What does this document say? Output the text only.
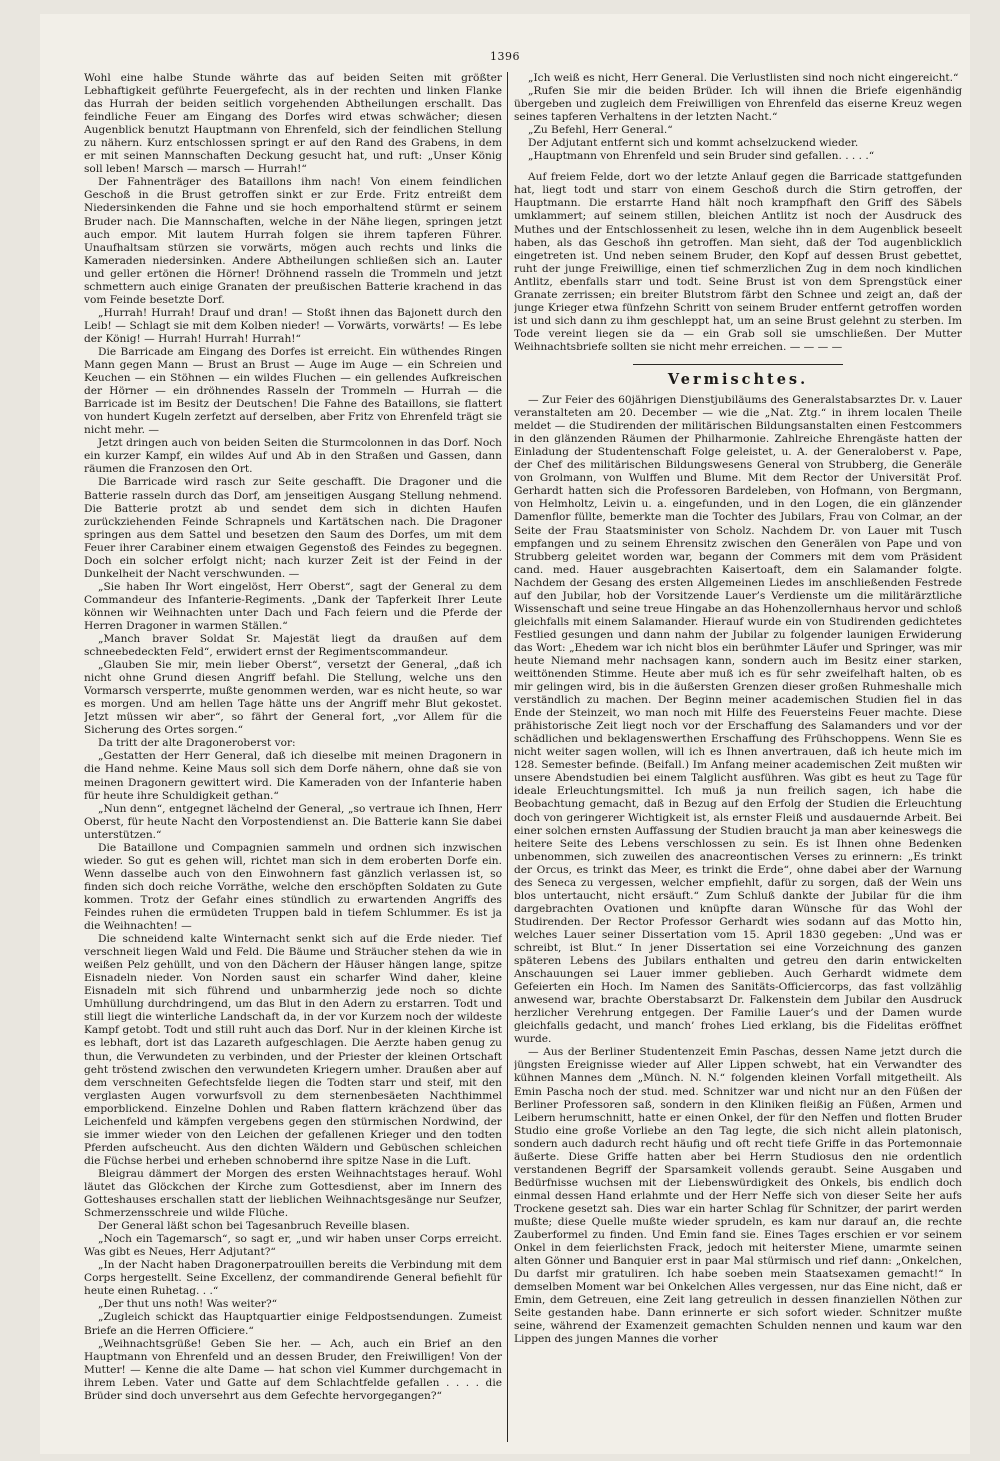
1396

Wohl eine halbe Stunde währte das auf beiden Seiten mit größter Lebhaftigkeit geführte Feuergefecht, als in der rechten und linken Flanke das Hurrah der beiden seitlich vorgehenden Abtheilungen erschallt. Das feindliche Feuer am Eingang des Dorfes wird etwas schwächer; diesen Augenblick benutzt Hauptmann von Ehrenfeld, sich der feindlichen Stellung zu nähern. Kurz entschlossen springt er auf den Rand des Grabens, in dem er mit seinen Mannschaften Deckung gesucht hat, und ruft: „Unser König soll leben! Marsch — marsch — Hurrah!“

Der Fahnenträger des Bataillons ihm nach! Von einem feindlichen Geschoß in die Brust getroffen sinkt er zur Erde. Fritz entreißt dem Niedersinkenden die Fahne und sie hoch emporhaltend stürmt er seinem Bruder nach. Die Mannschaften, welche in der Nähe liegen, springen jetzt auch empor. Mit lautem Hurrah folgen sie ihrem tapferen Führer. Unaufhaltsam stürzen sie vorwärts, mögen auch rechts und links die Kameraden niedersinken. Andere Abtheilungen schließen sich an. Lauter und geller ertönen die Hörner! Dröhnend rasseln die Trommeln und jetzt schmettern auch einige Granaten der preußischen Batterie krachend in das vom Feinde besetzte Dorf.

„Hurrah! Hurrah! Drauf und dran! — Stoßt ihnen das Bajonett durch den Leib! — Schlagt sie mit dem Kolben nieder! — Vorwärts, vorwärts! — Es lebe der König! — Hurrah! Hurrah! Hurrah!“

Die Barricade am Eingang des Dorfes ist erreicht. Ein wüthendes Ringen Mann gegen Mann — Brust an Brust — Auge im Auge — ein Schreien und Keuchen — ein Stöhnen — ein wildes Fluchen — ein gellendes Aufkreischen der Hörner — ein dröhnendes Rasseln der Trommeln — Hurrah — die Barricade ist im Besitz der Deutschen! Die Fahne des Bataillons, sie flattert von hundert Kugeln zerfetzt auf derselben, aber Fritz von Ehrenfeld trägt sie nicht mehr. —

Jetzt dringen auch von beiden Seiten die Sturmcolonnen in das Dorf. Noch ein kurzer Kampf, ein wildes Auf und Ab in den Straßen und Gassen, dann räumen die Franzosen den Ort.

Die Barricade wird rasch zur Seite geschafft. Die Dragoner und die Batterie rasseln durch das Dorf, am jenseitigen Ausgang Stellung nehmend. Die Batterie protzt ab und sendet dem sich in dichten Haufen zurückziehenden Feinde Schrapnels und Kartätschen nach. Die Dragoner springen aus dem Sattel und besetzen den Saum des Dorfes, um mit dem Feuer ihrer Carabiner einem etwaigen Gegenstoß des Feindes zu begegnen. Doch ein solcher erfolgt nicht; nach kurzer Zeit ist der Feind in der Dunkelheit der Nacht verschwunden. —

„Sie haben Ihr Wort eingelöst, Herr Oberst“, sagt der General zu dem Commandeur des Infanterie-Regiments. „Dank der Tapferkeit Ihrer Leute können wir Weihnachten unter Dach und Fach feiern und die Pferde der Herren Dragoner in warmen Ställen.“

„Manch braver Soldat Sr. Majestät liegt da draußen auf dem schneebedeckten Feld“, erwidert ernst der Regimentscommandeur.

„Glauben Sie mir, mein lieber Oberst“, versetzt der General, „daß ich nicht ohne Grund diesen Angriff befahl. Die Stellung, welche uns den Vormarsch versperrte, mußte genommen werden, war es nicht heute, so war es morgen. Und am hellen Tage hätte uns der Angriff mehr Blut gekostet. Jetzt müssen wir aber“, so fährt der General fort, „vor Allem für die Sicherung des Ortes sorgen.“

Da tritt der alte Dragoneroberst vor:

„Gestatten der Herr General, daß ich dieselbe mit meinen Dragonern in die Hand nehme. Keine Maus soll sich dem Dorfe nähern, ohne daß sie von meinen Dragonern gewittert wird. Die Kameraden von der Infanterie haben für heute ihre Schuldigkeit gethan.“

„Nun denn“, entgegnet lächelnd der General, „so vertraue ich Ihnen, Herr Oberst, für heute Nacht den Vorpostendienst an. Die Batterie kann Sie dabei unterstützen.“

Die Bataillone und Compagnien sammeln und ordnen sich inzwischen wieder. So gut es gehen will, richtet man sich in dem eroberten Dorfe ein. Wenn dasselbe auch von den Einwohnern fast gänzlich verlassen ist, so finden sich doch reiche Vorräthe, welche den erschöpften Soldaten zu Gute kommen. Trotz der Gefahr eines stündlich zu erwartenden Angriffs des Feindes ruhen die ermüdeten Truppen bald in tiefem Schlummer. Es ist ja die Weihnachten! —

Die schneidend kalte Winternacht senkt sich auf die Erde nieder. Tief verschneit liegen Wald und Feld. Die Bäume und Sträucher stehen da wie in weißen Pelz gehüllt, und von den Dächern der Häuser hängen lange, spitze Eisnadeln nieder. Von Norden saust ein scharfer Wind daher, kleine Eisnadeln mit sich führend und unbarmherzig jede noch so dichte Umhüllung durchdringend, um das Blut in den Adern zu erstarren. Todt und still liegt die winterliche Landschaft da, in der vor Kurzem noch der wildeste Kampf getobt. Todt und still ruht auch das Dorf. Nur in der kleinen Kirche ist es lebhaft, dort ist das Lazareth aufgeschlagen. Die Aerzte haben genug zu thun, die Verwundeten zu verbinden, und der Priester der kleinen Ortschaft geht tröstend zwischen den verwundeten Kriegern umher. Draußen aber auf dem verschneiten Gefechtsfelde liegen die Todten starr und steif, mit den verglasten Augen vorwurfsvoll zu dem sternenbesäeten Nachthimmel emporblickend. Einzelne Dohlen und Raben flattern krächzend über das Leichenfeld und kämpfen vergebens gegen den stürmischen Nordwind, der sie immer wieder von den Leichen der gefallenen Krieger und den todten Pferden aufscheucht. Aus den dichten Wäldern und Gebüschen schleichen die Füchse herbei und erheben schnobernd ihre spitze Nase in die Luft.

Bleigrau dämmert der Morgen des ersten Weihnachtstages herauf. Wohl läutet das Glöckchen der Kirche zum Gottesdienst, aber im Innern des Gotteshauses erschallen statt der lieblichen Weihnachtsgesänge nur Seufzer, Schmerzensschreie und wilde Flüche.

Der General läßt schon bei Tagesanbruch Reveille blasen.

„Noch ein Tagemarsch“, so sagt er, „und wir haben unser Corps erreicht. Was gibt es Neues, Herr Adjutant?“

„In der Nacht haben Dragonerpatrouillen bereits die Verbindung mit dem Corps hergestellt. Seine Excellenz, der commandirende General befiehlt für heute einen Ruhetag. . .“

„Der thut uns noth! Was weiter?“

„Zugleich schickt das Hauptquartier einige Feldpostsendungen. Zumeist Briefe an die Herren Officiere.“

„Weihnachtsgrüße! Geben Sie her. — Ach, auch ein Brief an den Hauptmann von Ehrenfeld und an dessen Bruder, den Freiwilligen! Von der Mutter! — Kenne die alte Dame — hat schon viel Kummer durchgemacht in ihrem Leben. Vater und Gatte auf dem Schlachtfelde gefallen . . . . die Brüder sind doch unversehrt aus dem Gefechte hervorgegangen?“

„Ich weiß es nicht, Herr General. Die Verlustlisten sind noch nicht eingereicht.“

„Rufen Sie mir die beiden Brüder. Ich will ihnen die Briefe eigenhändig übergeben und zugleich dem Freiwilligen von Ehrenfeld das eiserne Kreuz wegen seines tapferen Verhaltens in der letzten Nacht.“

„Zu Befehl, Herr General.“

Der Adjutant entfernt sich und kommt achselzuckend wieder.

„Hauptmann von Ehrenfeld und sein Bruder sind gefallen. . . . .“

Auf freiem Felde, dort wo der letzte Anlauf gegen die Barricade stattgefunden hat, liegt todt und starr von einem Geschoß durch die Stirn getroffen, der Hauptmann. Die erstarrte Hand hält noch krampfhaft den Griff des Säbels umklammert; auf seinem stillen, bleichen Antlitz ist noch der Ausdruck des Muthes und der Entschlossenheit zu lesen, welche ihn in dem Augenblick beseelt haben, als das Geschoß ihn getroffen. Man sieht, daß der Tod augenblicklich eingetreten ist. Und neben seinem Bruder, den Kopf auf dessen Brust gebettet, ruht der junge Freiwillige, einen tief schmerzlichen Zug in dem noch kindlichen Antlitz, ebenfalls starr und todt. Seine Brust ist von dem Sprengstück einer Granate zerrissen; ein breiter Blutstrom färbt den Schnee und zeigt an, daß der junge Krieger etwa fünfzehn Schritt von seinem Bruder entfernt getroffen worden ist und sich dann zu ihm geschleppt hat, um an seine Brust gelehnt zu sterben. Im Tode vereint liegen sie da — ein Grab soll sie umschließen. Der Mutter Weihnachtsbriefe sollten sie nicht mehr erreichen. — — — —

Vermischtes.

— Zur Feier des 60jährigen Dienstjubiläums des Generalstabsarztes Dr. v. Lauer veranstalteten am 20. December — wie die „Nat. Ztg.“ in ihrem localen Theile meldet — die Studirenden der militärischen Bildungsanstalten einen Festcommers in den glänzenden Räumen der Philharmonie. Zahlreiche Ehrengäste hatten der Einladung der Studentenschaft Folge geleistet, u. A. der Generaloberst v. Pape, der Chef des militärischen Bildungswesens General von Strubberg, die Generäle von Grolmann, von Wulffen und Blume. Mit dem Rector der Universität Prof. Gerhardt hatten sich die Professoren Bardeleben, von Hofmann, von Bergmann, von Helmholtz, Leivin u. a. eingefunden, und in den Logen, die ein glänzender Damenflor füllte, bemerkte man die Tochter des Jubilars, Frau von Colmar, an der Seite der Frau Staatsminister von Scholz. Nachdem Dr. von Lauer mit Tusch empfangen und zu seinem Ehrensitz zwischen den Generälen von Pape und von Strubberg geleitet worden war, begann der Commers mit dem vom Präsident cand. med. Hauer ausgebrachten Kaisertoaft, dem ein Salamander folgte. Nachdem der Gesang des ersten Allgemeinen Liedes im anschließenden Festrede auf den Jubilar, hob der Vorsitzende Lauer’s Verdienste um die militärärztliche Wissenschaft und seine treue Hingabe an das Hohenzollernhaus hervor und schloß gleichfalls mit einem Salamander. Hierauf wurde ein von Studirenden gedichtetes Festlied gesungen und dann nahm der Jubilar zu folgender launigen Erwiderung das Wort: „Ehedem war ich nicht blos ein berühmter Läufer und Springer, was mir heute Niemand mehr nachsagen kann, sondern auch im Besitz einer starken, weittönenden Stimme. Heute aber muß ich es für sehr zweifelhaft halten, ob es mir gelingen wird, bis in die äußersten Grenzen dieser großen Ruhmeshalle mich verständlich zu machen. Der Beginn meiner academischen Studien fiel in das Ende der Steinzeit, wo man noch mit Hilfe des Feuersteins Feuer machte. Diese prähistorische Zeit liegt noch vor der Erschaffung des Salamanders und vor der schädlichen und beklagenswerthen Erschaffung des Frühschoppens. Wenn Sie es nicht weiter sagen wollen, will ich es Ihnen anvertrauen, daß ich heute mich im 128. Semester befinde. (Beifall.) Im Anfang meiner academischen Zeit mußten wir unsere Abendstudien bei einem Talglicht ausführen. Was gibt es heut zu Tage für ideale Erleuchtungsmittel. Ich muß ja nun freilich sagen, ich habe die Beobachtung gemacht, daß in Bezug auf den Erfolg der Studien die Erleuchtung doch von geringerer Wichtigkeit ist, als ernster Fleiß und ausdauernde Arbeit. Bei einer solchen ernsten Auffassung der Studien braucht ja man aber keineswegs die heitere Seite des Lebens verschlossen zu sein. Es ist Ihnen ohne Bedenken unbenommen, sich zuweilen des anacreontischen Verses zu erinnern: „Es trinkt der Orcus, es trinkt das Meer, es trinkt die Erde“, ohne dabei aber der Warnung des Seneca zu vergessen, welcher empfiehlt, dafür zu sorgen, daß der Wein uns blos untertaucht, nicht ersäuft.“ Zum Schluß dankte der Jubilar für die ihm dargebrachten Ovationen und knüpfte daran Wünsche für das Wohl der Studirenden. Der Rector Professor Gerhardt wies sodann auf das Motto hin, welches Lauer seiner Dissertation vom 15. April 1830 gegeben: „Und was er schreibt, ist Blut.“ In jener Dissertation sei eine Vorzeichnung des ganzen späteren Lebens des Jubilars enthalten und getreu den darin entwickelten Anschauungen sei Lauer immer geblieben. Auch Gerhardt widmete dem Gefeierten ein Hoch. Im Namen des Sanitäts-Officiercorps, das fast vollzählig anwesend war, brachte Oberstabsarzt Dr. Falkenstein dem Jubilar den Ausdruck herzlicher Verehrung entgegen. Der Familie Lauer’s und der Damen wurde gleichfalls gedacht, und manch’ frohes Lied erklang, bis die Fidelitas eröffnet wurde.

— Aus der Berliner Studentenzeit Emin Paschas, dessen Name jetzt durch die jüngsten Ereignisse wieder auf Aller Lippen schwebt, hat ein Verwandter des kühnen Mannes dem „Münch. N. N.“ folgenden kleinen Vorfall mitgetheilt. Als Emin Pascha noch der stud. med. Schnitzer war und nicht nur an den Füßen der Berliner Professoren saß, sondern in den Kliniken fleißig an Füßen, Armen und Leibern herumschnitt, hatte er einen Onkel, der für den Neffen und flotten Bruder Studio eine große Vorliebe an den Tag legte, die sich nicht allein platonisch, sondern auch dadurch recht häufig und oft recht tiefe Griffe in das Portemonnaie äußerte. Diese Griffe hatten aber bei Herrn Studiosus den nie ordentlich verstandenen Begriff der Sparsamkeit vollends geraubt. Seine Ausgaben und Bedürfnisse wuchsen mit der Liebenswürdigkeit des Onkels, bis endlich doch einmal dessen Hand erlahmte und der Herr Neffe sich von dieser Seite her aufs Trockene gesetzt sah. Dies war ein harter Schlag für Schnitzer, der parirt werden mußte; diese Quelle mußte wieder sprudeln, es kam nur darauf an, die rechte Zauberformel zu finden. Und Emin fand sie. Eines Tages erschien er vor seinem Onkel in dem feierlichsten Frack, jedoch mit heiterster Miene, umarmte seinen alten Gönner und Banquier erst in paar Mal stürmisch und rief dann: „Onkelchen, Du darfst mir gratuliren. Ich habe soeben mein Staatsexamen gemacht!“ In demselben Moment war bei Onkelchen Alles vergessen, nur das Eine nicht, daß er Emin, dem Getreuen, eine Zeit lang getreulich in dessen finanziellen Nöthen zur Seite gestanden habe. Dann erinnerte er sich sofort wieder. Schnitzer mußte seine, während der Examenzeit gemachten Schulden nennen und kaum war den Lippen des jungen Mannes die vorher
